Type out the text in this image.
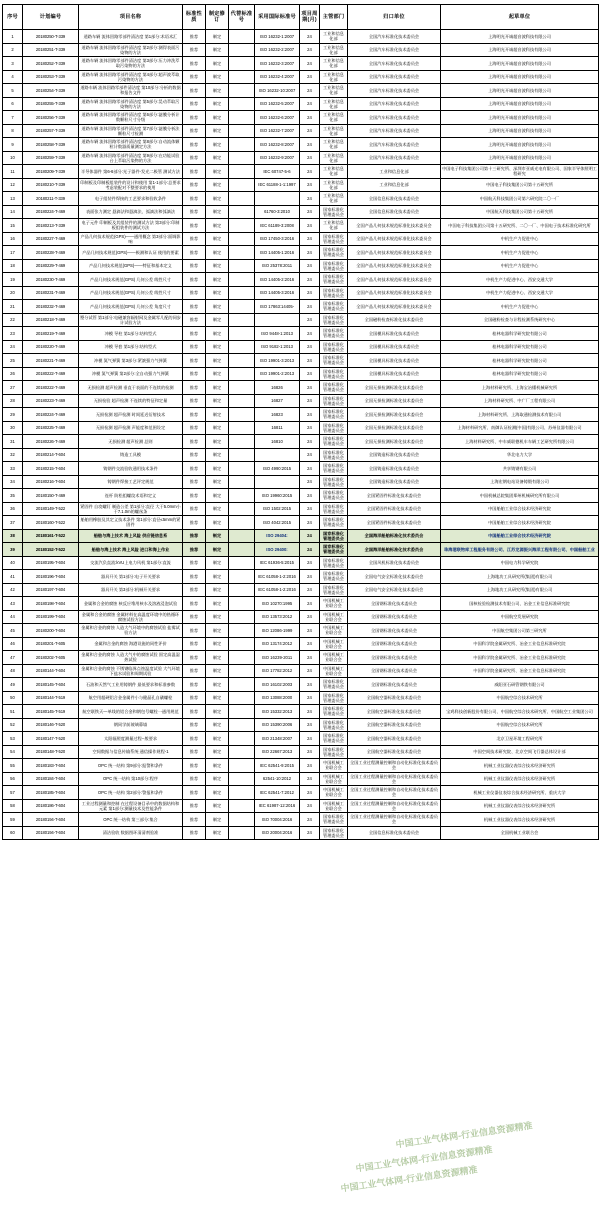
序号	计划编号	项目名称	标准性质	制定修订	代替标准号	采用国际标准号	项目周期(月)	主管部门	归口单位	起草单位
1	20180250-T-339	道路车辆 流体回路零部件清洁度 第1部分:术语术汇	推荐	制定		ISO 16232-1:2007	24	工业和信息化部	全国汽车标准化技术委员会	上海明光开诚超音波科技有限公司
2	20180251-T-339	道路车辆 流体回路零部件清洁度 第2部分:测得表面污染物的方法	推荐	制定		ISO 16232-2:2007	24	工业和信息化部	全国汽车标准化技术委员会	上海明光开诚超音波科技有限公司
3	20180252-T-339	道路车辆 流体回路零部件清洁度 第3部分:压力冲洗萃取污染物的方法	推荐	制定		ISO 16232-3:2007	24	工业和信息化部	全国汽车标准化技术委员会	上海明光开诚超音波科技有限公司
4	20180253-T-339	道路车辆 流体回路零部件清洁度 第4部分:超声波萃取污染物的方法	推荐	制定		ISO 16232-4:2007	24	工业和信息化部	全国汽车标准化技术委员会	上海明光开诚超音波科技有限公司
5	20180254-T-339	道路车辆 流体回路零部件清洁度 第10部分:分析的数据和报告文件	推荐	制定		ISO 16232-10:2007	24	工业和信息化部	全国汽车标准化技术委员会	上海明光开诚超音波科技有限公司
6	20180255-T-339	道路车辆 流体回路零部件清洁度 第5部分:晃动萃取污染物的方法	推荐	制定		ISO 16232-5:2007	24	工业和信息化部	全国汽车标准化技术委员会	上海明光开诚超音波科技有限公司
7	20180256-T-339	道路车辆 流体回路零部件清洁度 第6部分:滤膜分析计数颗粒尺寸分级	推荐	制定		ISO 16232-6:2007	24	工业和信息化部	全国汽车标准化技术委员会	上海明光开诚超音波科技有限公司
8	20180257-T-339	道路车辆 流体回路零部件清洁度 第7部分:滤膜分析法颗粒尺寸检测	推荐	制定		ISO 16232-7:2007	24	工业和信息化部	全国汽车标准化技术委员会	上海明光开诚超音波科技有限公司
9	20180258-T-339	道路车辆 流体回路零部件清洁度 第8部分:自动流体颗粒计数器质量测定方法	推荐	制定		ISO 16232-8:2007	24	工业和信息化部	全国汽车标准化技术委员会	上海明光开诚超音波科技有限公司
10	20180259-T-339	道路车辆 流体回路零部件清洁度 第9部分:在功能试验台上萃取污染物的方法	推荐	制定		ISO 16232-9:2007	24	工业和信息化部	全国汽车标准化技术委员会	上海明光开诚超音波科技有限公司
11	20180209-T-339	半导体器件 第6-6部分:光子器件-发光二极管 测试方法	推荐	制定		IEC 60747-5-6	24	工业和信息化部	工业和信息化部	中国电子科技集团公司第十三研究所、深圳市亚威光电有限公司、国家半导体照明工程研究
12	20180210-T-339	印制板及印制板组装件的设计和使用 第1-1部分:总要求 考虑装配对不整要求的使用	推荐	制定		IEC 61188-1-1:1997	24	工业和信息化部	工业和信息化部	中国电子科技集团公司第十五研究所
13	20180211-T-339	电子组装件焊接的工艺要求和验收条件	推荐	制定			24	工业和信息化部	全国信息标准化技术委员会	中国航天科技集团公司第六研究院二〇一厂
14	20180224-T-469	表面张力测定 悬滴法和悬滴法、弧滴法和弧滴法	推荐	制定		61760-3:2010	24	国家标准化管理委员会	全国信息标准化技术委员会	中国航天科技集团公司第十五研究所
15	20180213-T-339	电子元件 印制板及其组装件的测试方法 第3部分:印制板组装件的测试方法	推荐	制定		IEC 61189-3:2008	24	工业和信息化部	全国产品几何技术规范标准化技术委员会	中国电子科技集团公司第十五研究所、二〇一厂、中国电子技术标准化研究所
16	20180227-T-469	产品几何技术规范(GPS)——通用概念 第3部分:面调影响	推荐	制定		ISO 17450-3:2016	24	国家标准化管理委员会	全国产品几何技术规范标准化技术委员会	中机生产力促进中心
17	20180228-T-469	产品几何技术规范(GPS)——极测和认证 使用的要素	推荐	制定		ISO 14405-1:2016	24	国家标准化管理委员会	全国产品几何技术规范标准化技术委员会	中机生产力促进中心
18	20180229-T-469	产品几何技术规范(GPS)——特征和基本定义	推荐	制定		ISO 25378:2011	24	国家标准化管理委员会	全国产品几何技术规范标准化技术委员会	中机生产力促进中心
19	20180230-T-469	产品几何技术规范(GPS) 几何公差 线性尺寸	推荐	制定		ISO 14405-2:2016	24	国家标准化管理委员会	全国产品几何技术规范标准化技术委员会	中机生产力促进中心、西安交通大学
20	20180231-T-469	产品几何技术规范(GPS) 几何公差 线性尺寸	推荐	制定		ISO 14405-3:2016	24	国家标准化管理委员会	全国产品几何技术规范标准化技术委员会	中机生产力促进中心、西安交通大学
21	20180232-T-469	产品几何技术规范(GPS) 几何公差 角度尺寸	推荐	制定		ISO 17863:14405-	24	国家标准化管理委员会	全国产品几何技术规范标准化技术委员会	中机生产力促进中心
22	20180218-T-469	塑分试管 第1部分:电磁兼容辐射网及金属零几配的同步计试验方法	推荐	制定			24	国家标准化管理委员会	全国磁粉检查标准化技术委员会	全国磁粉检查与计程检测系统研究中心
23	20180219-T-469	冲模 导柱 第1部分:结构型式	推荐	制定		ISO 9448-1:2013	24	国家标准化管理委员会	全国模具标准化技术委员会	桂林电器科学研究院有限公司
24	20180220-T-469	冲模 导套 第1部分:结构型式	推荐	制定		ISO 9182-1:2013	24	国家标准化管理委员会	全国模具标准化技术委员会	桂林电器科学研究院有限公司
25	20180221-T-469	冲模 氮气弹簧 第3部分:紧滚强力气弹簧	推荐	制定		ISO 19901-3:2013	24	国家标准化管理委员会	全国模具标准化技术委员会	桂林电器科学研究院有限公司
26	20180222-T-469	冲模 氮气弹簧 第2部分:全自动强力气弹簧	推荐	制定		ISO 19901-2:2013	24	国家标准化管理委员会	全国模具标准化技术委员会	桂林电器科学研究院有限公司
27	20180222-T-469	无损检测 超声检测 垂直于表面的不连续的检测	推荐	制定		16826	24	国家标准化管理委员会	全国无损检测标准化技术委员会	上海材料研究所、上海宝冶懂机械研究所
28	20180223-T-469	无损检验 超声检测 不连续的特征和定量	推荐	制定		16827	24	国家标准化管理委员会	全国无损检测标准化技术委员会	上海材料研究所、中广厂工程有限公司
29	20180224-T-469	无损检测 超声检测 时间延迟衍射技术	推荐	制定		16823	24	国家标准化管理委员会	全国无损检测标准化技术委员会	上海材料研究所、上海取通检测技术有限公司
30	20180225-T-469	无损检测 超声检测 声能度和范围设定	推荐	制定		16811	24	国家标准化管理委员会	全国无损检测标准化技术委员会	上海材料研究所、南御认证检测(中国)有限公司、苏州仪器有限公司
31	20180226-T-469	无损检测 超声检测 总则	推荐	制定		16810	24	国家标准化管理委员会	全国无损检测标准化技术委员会	上海材料研究所、中车威联德机车车辆工艺研究所有限公司
32	20180214-T-604	铸造工具模	推荐	制定			24	国家标准化管理委员会	全国铸造标准化技术委员会	华北电力大学
33	20180215-T-604	铸钢件交流验收通用技术条件	推荐	制定		ISO 4990:2015	24	国家标准化管理委员会	全国铸造标准化技术委员会	共享铸钢有限公司
34	20180216-T-604	铸钢件焊接工艺评定规范	推荐	制定			24	国家标准化管理委员会	全国铸造标准化技术委员会	上海宏钢电站设备铸锻有限公司
35	20180150-T-469	连杆 防松组螺纹术语和定义	推荐	制定		ISO 19960:2015	24	国家标准化管理委员会	全国紧固件标准化技术委员会	中国机械总院集团郑州机械研究所有限公司
36	20180149-T-522	紧固件 自攻螺钉 制造公差 第1部分:直径 大于5.0mm小于7.1.0m的螺丝条	推荐	制定		ISO 1502:2015	24	国家标准化管理委员会	全国紧固件标准化技术委员会	中国船舶工业综合技术经济研究院
37	20180160-T-522	船舶用橡胶及其定义技术条件 第1部分:直径≤5mm的紧固件	推荐	制定		ISO 4042:2015	24	国家标准化管理委员会	全国紧固件标准化技术委员会	中国船舶工业综合技术经济研究院
38	20180161-T-522	船舶与海上技术 海上风险 供应链信息系	推荐	制定		ISO 29404:	24	国家标准化管理委员会	全国海洋船舶标准化技术委员会	中国船舶工业综合技术经济研究院
39	20180152-T-522	船舶与海上技术 海上风险 进口和海上作业	推荐	制定		ISO 29400:	24	国家标准化管理委员会	全国海洋船舶标准化技术委员会	珠海港联物库工程服务有限公司、江苏龙源振兴海洋工程有限公司、中国船舶工业
40	20180195-T-604	交流汽负直流:kVU上电力风机 第1部分:直流	推荐	制定		IEC 61936-5:2015	24	国家标准化管理委员会	全国风机标准化技术委员会	中国电力科学研究院
41	20180196-T-604	器具开关 第1部分:电子开关要求	推荐	制定		IEC 61058-1-2:2016	24	国家标准化管理委员会	全国电气安全标准化技术委员会	上海地功工具研究所(集团)有限公司
42	20180197-T-604	器具开关 第3部分:机械开关要求	推荐	制定		IEC 61058-1-2:2016	24	国家标准化管理委员会	全国电气安全标准化技术委员会	上海地功工具研究所(集团)有限公司
43	20180198-T-604	金属和合金的腐蚀 核反应堆用核水及溶液浸泡试验	推荐	制定		ISO 10270:1995	24	中国机械工业联合会	全国钢标准化技术委员会	国核检验检测技术有限公司、冶金工业信息标准研究院
44	20180199-T-604	金属和合金的腐蚀 金属材料在高温度环境中的热循环腐蚀试验方法	推荐	制定		ISO 13573:2012	24	中国机械工业联合会	全国钢标准化技术委员会	中国航空发展研究院
45	20180200-T-604	金属和合金的腐蚀 人造大气环境中的腐蚀试验 盐雾试验方法	推荐	制定		ISO 12086-1999	24	中国机械工业联合会	全国钢标准化技术委员会	中国航空集团公司第三研究所
46	20180201-T-605	金属和合金的腐蚀 海港设施的同性评价	推荐	制定		ISO 13174:2012	24	中国机械工业联合会	全国钢标准化技术委员会	中国科学院金属研究所、冶金工业信息标准研究院
47	20180202-T-605	金属和合金的腐蚀 人造大气中的腐蚀试验 固定高温湿热试验	推荐	制定		ISO 16239-2011	24	中国机械工业联合会	全国钢标准化技术委员会	中国科学院金属研究所、冶金工业信息标准研究院
48	20180144-T-604	金属和合金的腐蚀 不锈钢临界点蚀温度试验 大气环境下盐水试验和周期试验	推荐	制定		ISO 17782:2012	24	中国机械工业联合会	全国钢标准化技术委员会	中国科学院金属研究所、冶金工业信息标准研究院
49	20180145-T-604	石油和天然气工业用铸钢件 最低要求和标准参数	推荐	制定		ISO 16102:2003	24	国家标准化管理委员会	全国钢标准化技术委员会	威阳亚石研管钢铁有限公司
50	20180144-T-519	航空用超硬铝合金金属件小与健晶孔自磺螺栓	推荐	制定		ISO 13088:2000	24	国家标准化管理委员会	全国航空器标准化技术委员会	中国航空综合技术研究所
51	20180145-T-519	航空联铁天—单线的铝合金和钢包号螺栓一通用规范	推荐	制定		ISO 15332:2013	24	国家标准化管理委员会	全国航空器标准化技术委员会	宝鸡科技创新股份有限公司、中国航空综合技术研究所、中国航空工业集团公司
52	20180146-T-520	钢同学前玻璃幕墙	推荐	制定		ISO 15390:2006	24	国家标准化管理委员会	全国航空器标准化技术委员会	中国航空综合技术研究所
53	20180147-T-520	太阳辐照度测量过程--般要求	推荐	制定		ISO 21348:2007	24	国家标准化管理委员会	全国航空器标准化技术委员会	北京卫星环境工程研究所
54	20180148-T-520	空间数据与信息传输系统 通信操作规程-1	推荐	制定		ISO 22667:2013	24	国家标准化管理委员会	全国航空器标准化技术委员会	中国空间技术研究院、北京空间飞行器总体设计部
55	20180183-T-604	OPC 统一结构 第9部分:报警和条件	推荐	制定		IEC 62541-9:2015	24	中国机械工业联合会	全国工业过程测量控制和自动化标准化技术委员会	机械工业仪器仪表综合技术经济研究所
56	20180184-T-604	OPC 统一结构 第10部分:程序	推荐	制定		62541-10:2012	24	中国机械工业联合会	全国工业过程测量控制和自动化标准化技术委员会	机械工业仪器仪表综合技术经济研究所
57	20180185-T-604	OPC 统一结构 第2部分:警报和条件	推荐	制定		IEC 62541-7:2012	24	中国机械工业联合会	全国工业过程测量控制和自动化标准化技术委员会	机械工业仪器仪表综合技术经济研究所、重庆大学
58	20180186-T-604	工业过程测量和控制 在过程设备目录中的数据结构和元素 第1部分:测量技术及性能条件	推荐	制定		IEC 61987-12:2016	24	中国机械工业联合会	全国工业过程测量控制和自动化标准化技术委员会	机械工业仪器仪表综合技术经济研究所
59	20180194-T-604	OPC 统一结构 第三部分:集合	推荐	制定		ISO 70004:2016	24	国家标准化管理委员会	全国工业过程测量控制和自动化标准化技术委员会	机械工业仪器仪表综合技术经济研究所
60	20180194-T-604	清洁验收 数据图环清清剂验准	推荐	制定		ISO 20004:2016	24	国家标准化管理委员会	全国信息标准化技术委员会	全国机械工业联合会
中国工业气体网-行业信息资源精准
中国工业气体网-行业信息资源精准
中国工业气体网-行业信息资源精准
